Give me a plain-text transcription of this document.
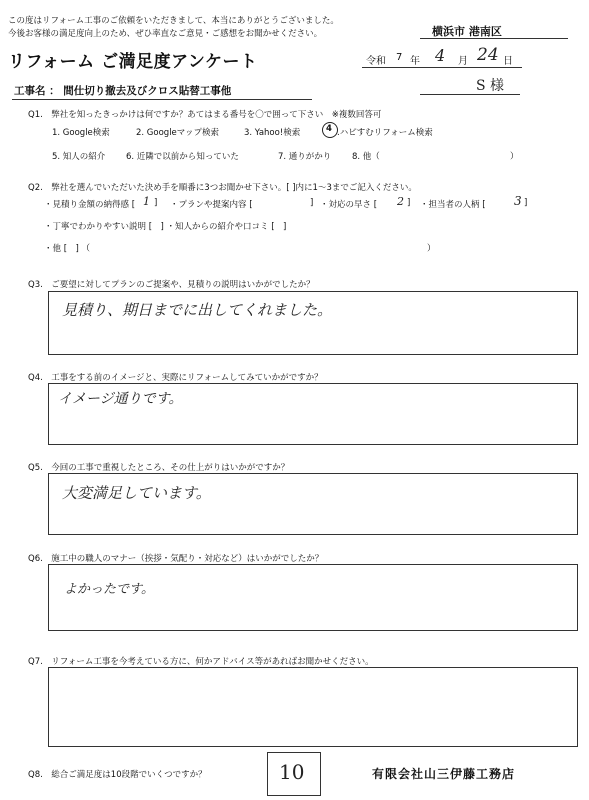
この度はリフォーム工事のご依頼をいただきまして、本当にありがとうございました。
今後お客様の満足度向上のため、ぜひ率直なご意見・ご感想をお聞かせください。	横浜市 港南区
リフォーム ご満足度アンケート	令和 7 年 4 月 24 日
S 様
工事名 ： 間仕切り撤去及びクロス貼替工事他
Q1.　弊社を知ったきっかけは何ですか？あてはまる番号を〇で囲って下さい　※複数回答可
1. Google検索	2. Googleマップ検索	3. Yahoo!検索	4 .ハピすむリフォーム検索
5. 知人の紹介 6. 近隣で以前から知っていた	7. 通りがかり 8. 他（	）
Q2.　弊社を選んでいただいた決め手を順番に3つお聞かせ下さい。[ ]内に1～3までご記入ください。
・見積り金額の納得感 [ 1 ] ・プランや提案内容 [	] ・対応の早さ [ 2 ] ・担当者の人柄 [ 3 ]
・丁寧でわかりやすい説明 [　] ・知人からの紹介や口コミ [　]
・他 [　] （	）
Q3.　ご要望に対してプランのご提案や、見積りの説明はいかがでしたか？
見積り、期日までに出してくれました。
Q4.　工事をする前のイメージと、実際にリフォームしてみていかがですか？
イメージ通りです。
Q5.　今回の工事で重視したところ、その仕上がりはいかがですか？
大変満足しています。
Q6.　施工中の職人のマナー（挨拶・気配り・対応など）はいかがでしたか？
よかったです。
Q7.　リフォーム工事を今考えている方に、何かアドバイス等があればお聞かせください。
Q8.　総合ご満足度は10段階でいくつですか？	10	有限会社山三伊藤工務店
